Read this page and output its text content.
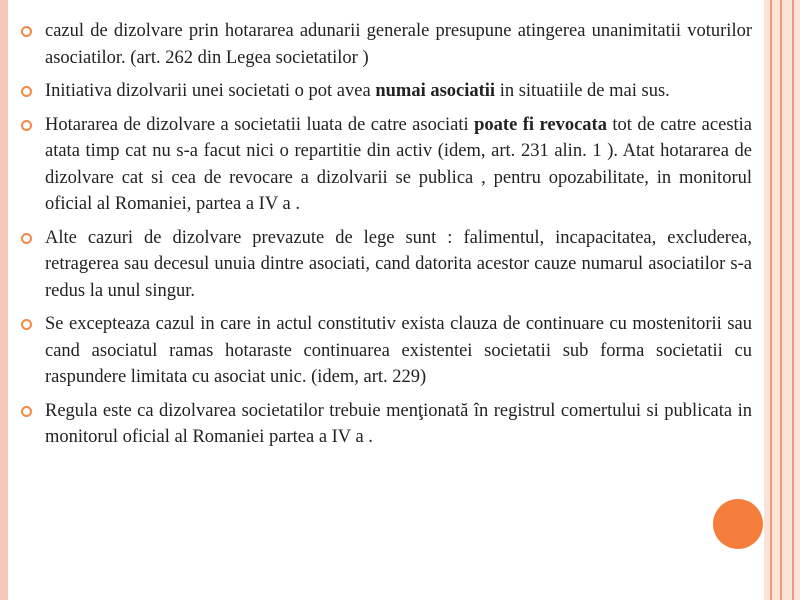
cazul de dizolvare prin hotararea adunarii generale presupune atingerea unanimitatii voturilor asociatilor. (art. 262 din Legea societatilor )
Initiativa dizolvarii unei societati o pot avea numai asociatii in situatiile de mai sus.
Hotararea de dizolvare a societatii luata de catre asociati poate fi revocata tot de catre acestia atata timp cat nu s-a facut nici o repartitie din activ (idem, art. 231 alin. 1 ). Atat hotararea de dizolvare cat si cea de revocare a dizolvarii se publica , pentru opozabilitate, in monitorul oficial al Romaniei, partea a IV a .
Alte cazuri de dizolvare prevazute de lege sunt : falimentul, incapacitatea, excluderea, retragerea sau decesul unuia dintre asociati, cand datorita acestor cauze numarul asociatilor s-a redus la unul singur.
Se excepteaza cazul in care in actul constitutiv exista clauza de continuare cu mostenitorii sau cand asociatul ramas hotaraste continuarea existentei societatii sub forma societatii cu raspundere limitata cu asociat unic. (idem, art. 229)
Regula este ca dizolvarea societatilor trebuie menţionată în registrul comertului si publicata in monitorul oficial al Romaniei partea a IV a .
